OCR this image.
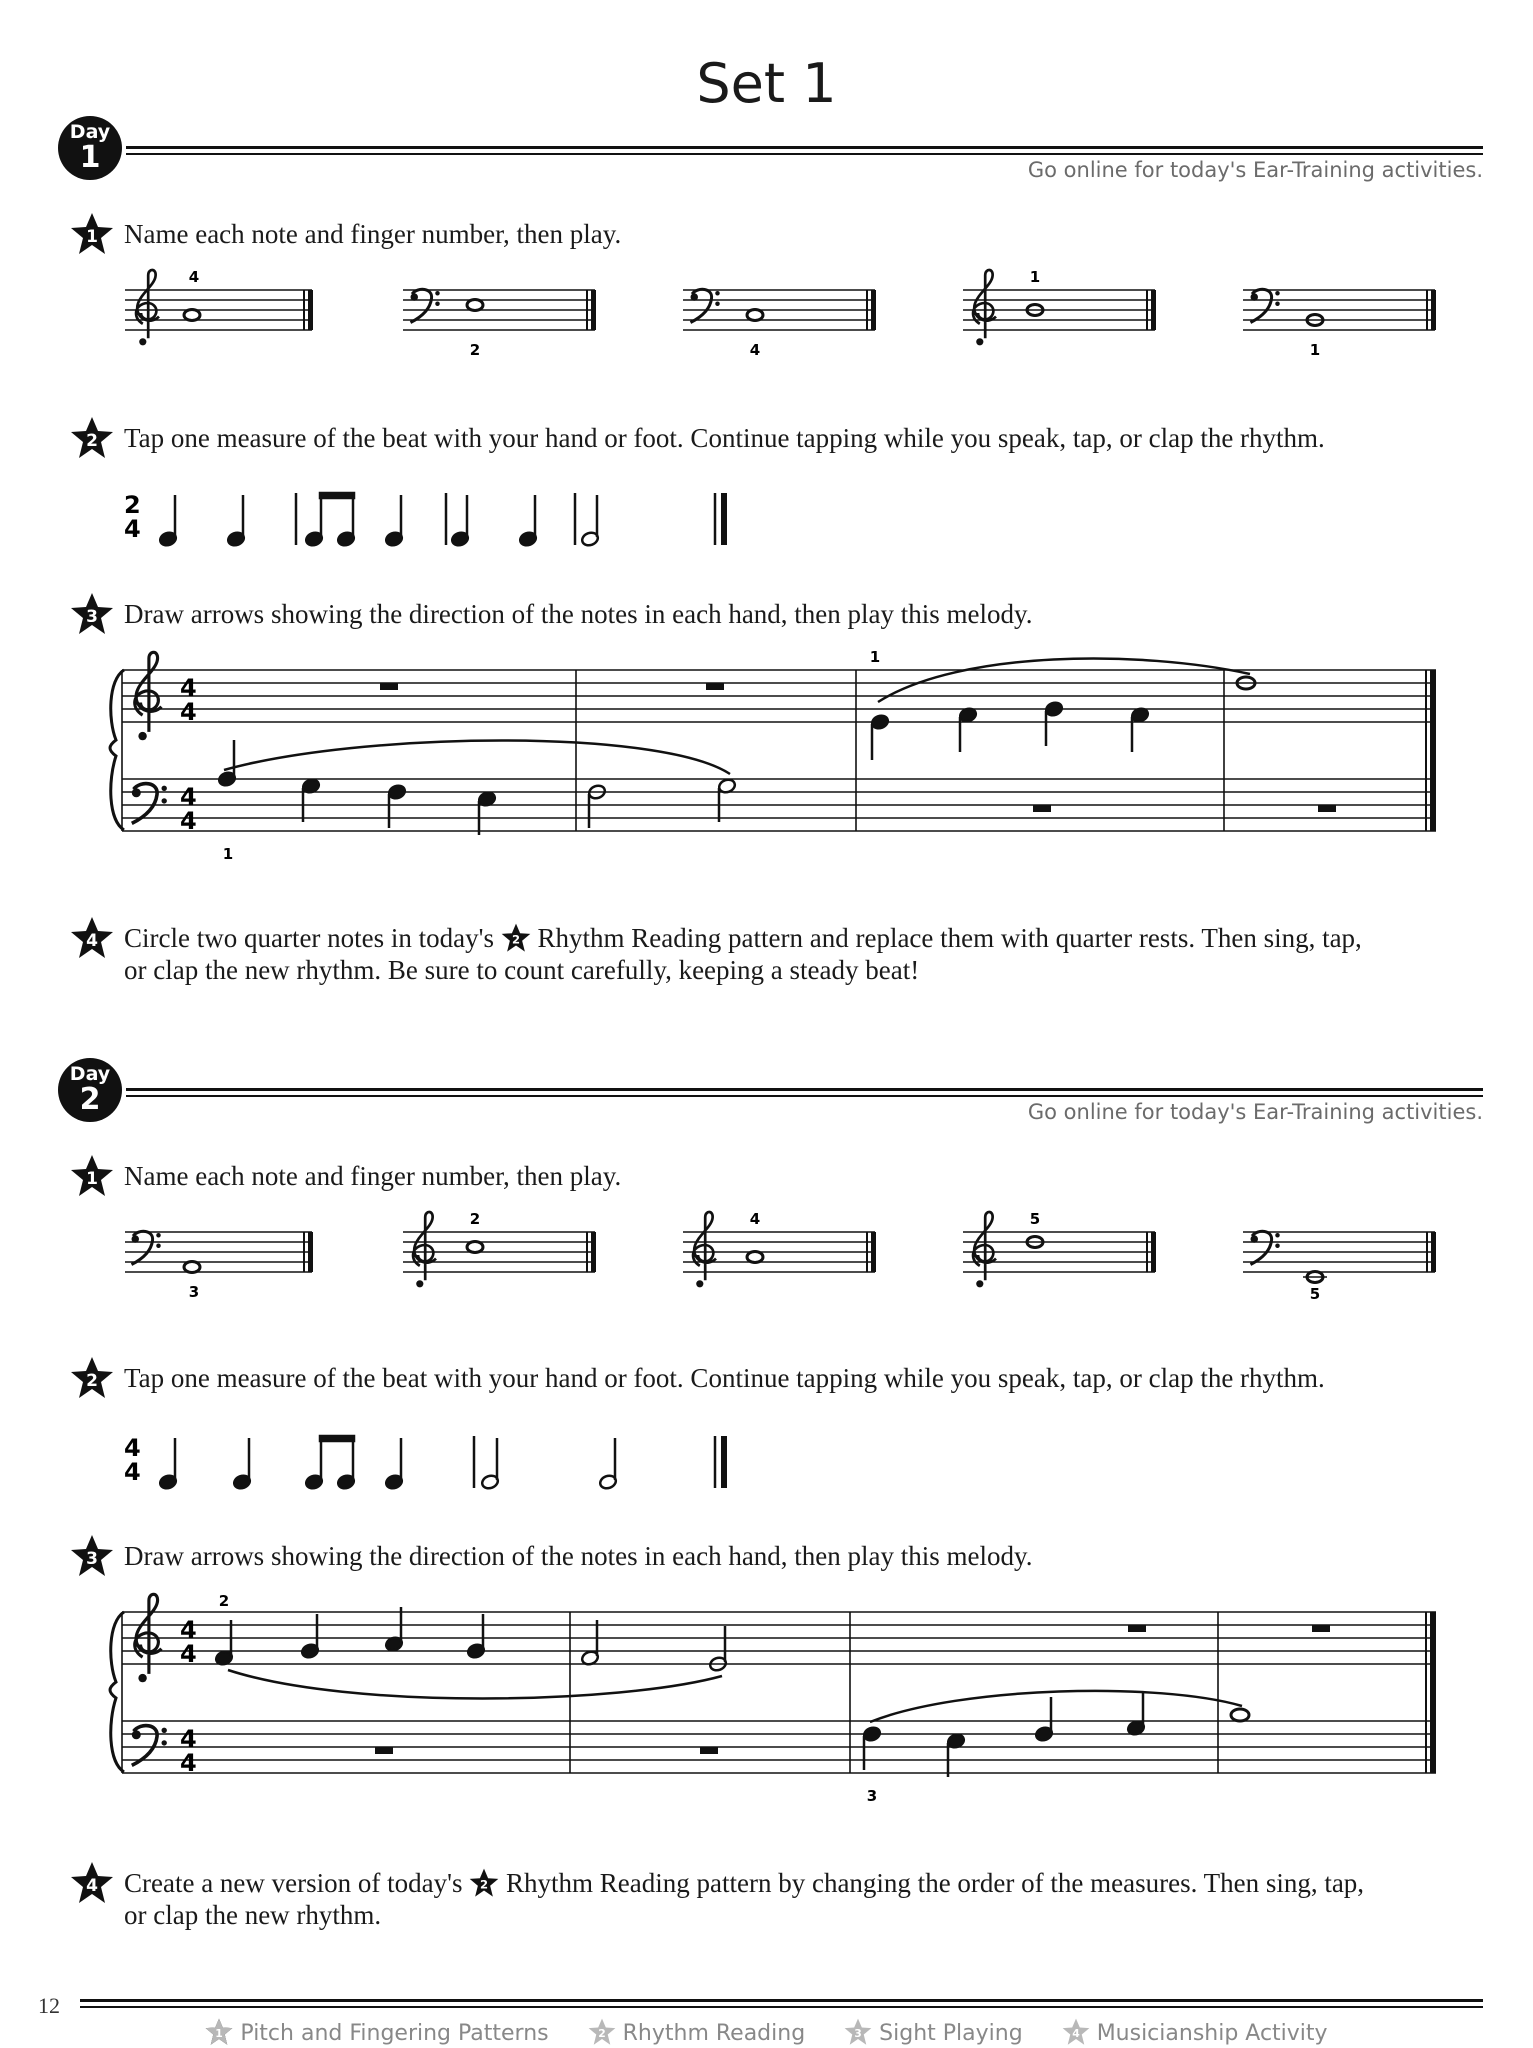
Set 1
Day
1	Go online for today's Ear-Training activities.
1 Name each note and finger number, then play.
4
2	4
1
1
2 Tap one measure of the beat with your hand or foot. Continue tapping while you speak, tap, or clap the rhythm.
2
4
3 Draw arrows showing the direction of the notes in each hand, then play this melody.
4
4
4
4
1
1
4 Circle two quarter notes in today's 2 Rhythm Reading pattern and replace them with quarter rests. Then sing, tap,
or clap the new rhythm. Be sure to count carefully, keeping a steady beat!
Day
2	Go online for today's Ear-Training activities.
1 Name each note and finger number, then play.
3
2	4	5
5
2 Tap one measure of the beat with your hand or foot. Continue tapping while you speak, tap, or clap the rhythm.
4
4
3 Draw arrows showing the direction of the notes in each hand, then play this melody.
4
4
4
4
2
3
4 Create a new version of today's 2 Rhythm Reading pattern by changing the order of the measures. Then sing, tap,
or clap the new rhythm.
12
1 Pitch and Fingering Patterns	2 Rhythm Reading	3 Sight Playing	4 Musicianship Activity
